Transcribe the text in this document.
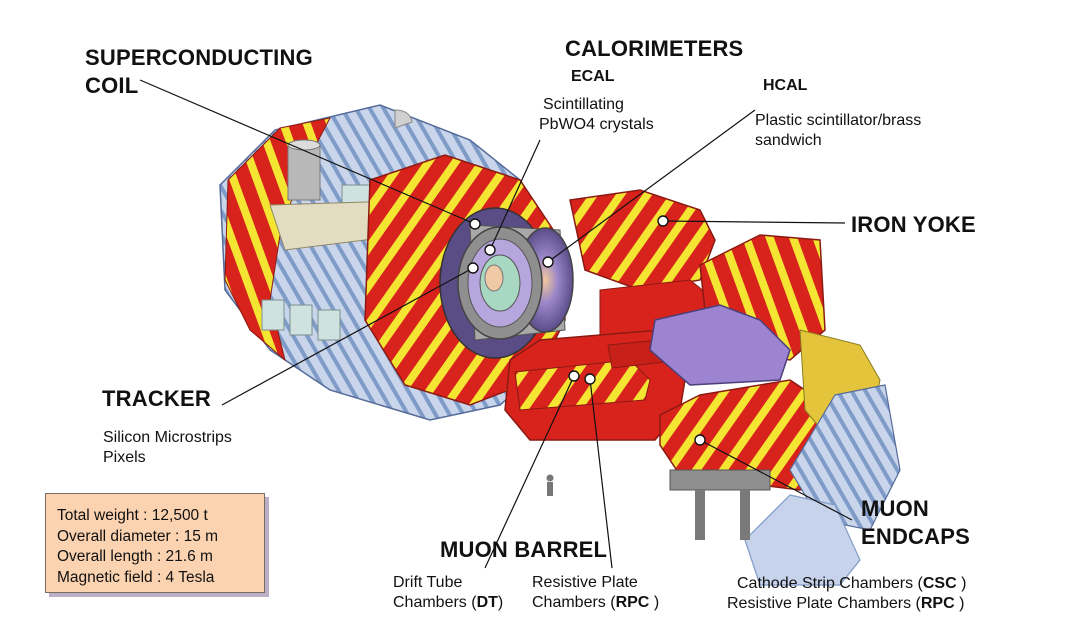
SUPERCONDUCTING
COIL
CALORIMETERS
ECAL
Scintillating
PbWO4 crystals
HCAL
Plastic scintillator/brass
sandwich
IRON YOKE
TRACKER
Silicon Microstrips
Pixels
MUON BARREL
Drift Tube
Chambers (DT)
Resistive Plate
Chambers (RPC )
MUON
ENDCAPS
Cathode Strip Chambers (CSC )
Resistive Plate Chambers (RPC )
Total weight : 12,500 t
Overall diameter : 15 m
Overall length : 21.6 m
Magnetic field : 4 Tesla
